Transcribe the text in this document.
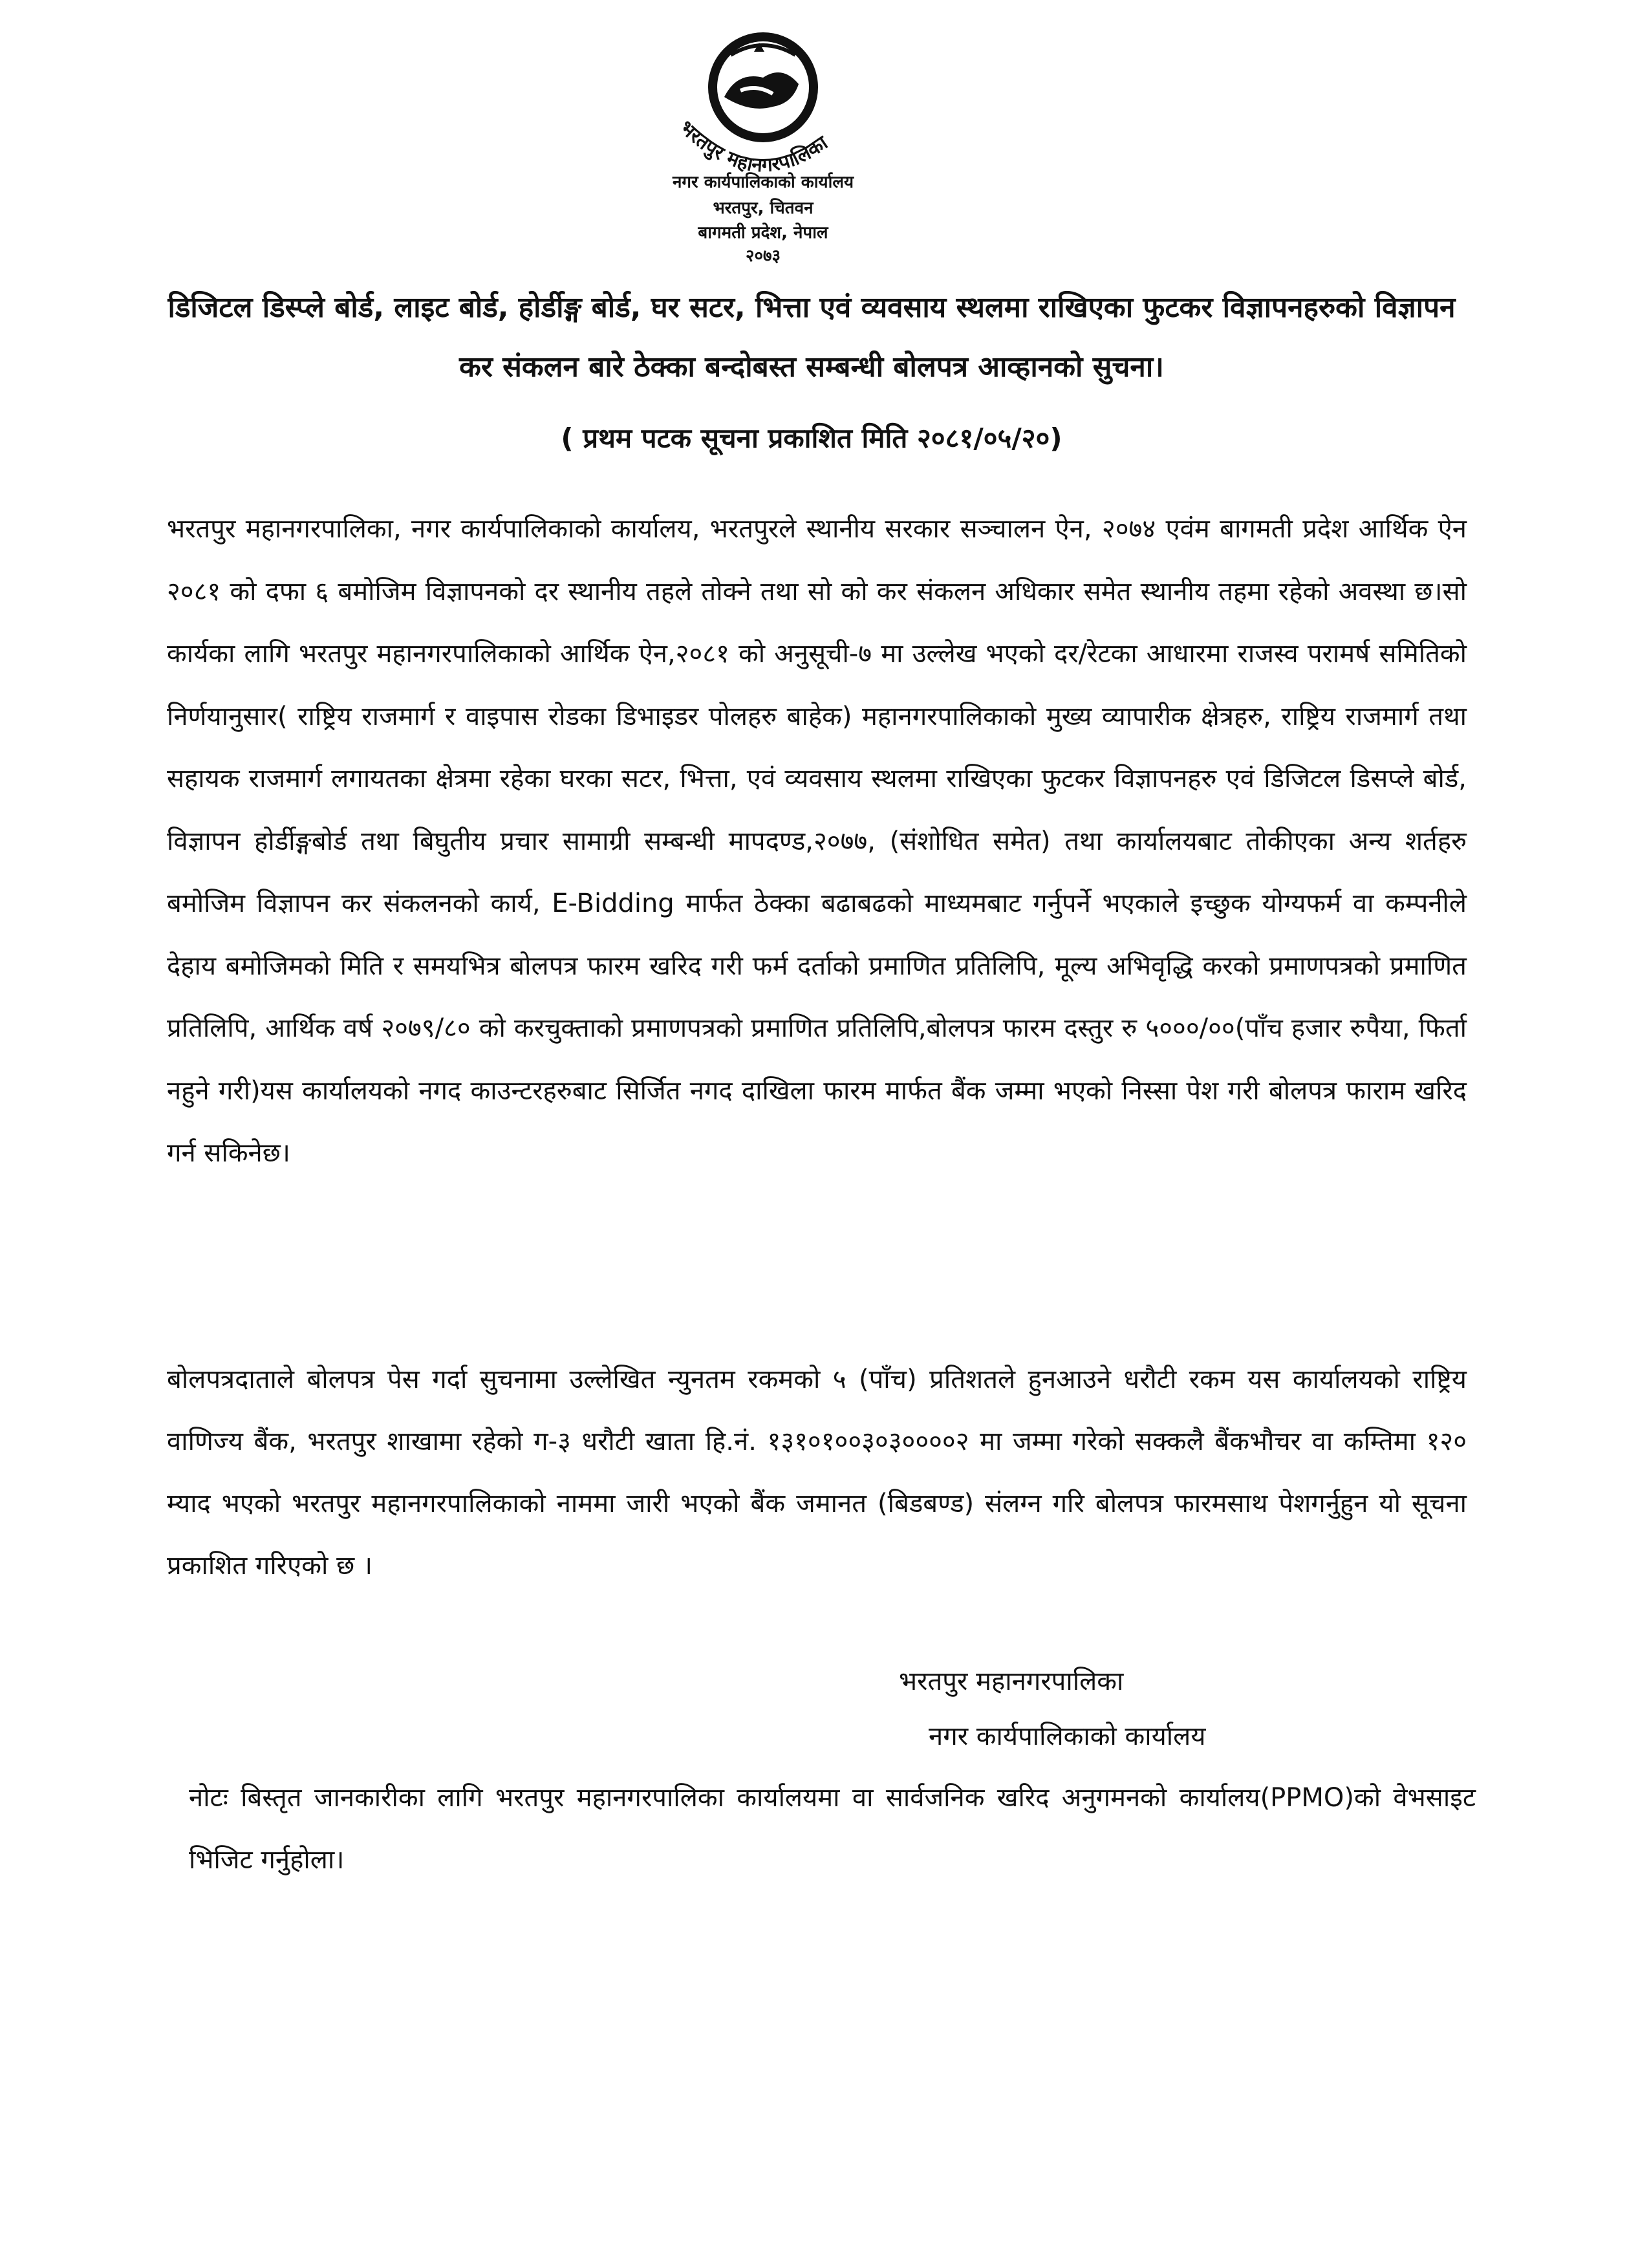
भरतपुर महानगरपालिका
नगर कार्यपालिकाको कार्यालय
भरतपुर, चितवन
बागमती प्रदेश, नेपाल
२०७३
डिजिटल डिस्प्ले बोर्ड, लाइट बोर्ड, होर्डीङ्ग बोर्ड, घर सटर, भित्ता एवं व्यवसाय स्थलमा राखिएका फुटकर विज्ञापनहरुको विज्ञापन कर संकलन बारे ठेक्का बन्दोबस्त सम्बन्धी बोलपत्र आव्हानको सुचना।
( प्रथम पटक सूचना प्रकाशित मिति २०८१/०५/२०)

भरतपुर महानगरपालिका, नगर कार्यपालिकाको कार्यालय, भरतपुरले स्थानीय सरकार सञ्चालन ऐन, २०७४ एवंम बागमती प्रदेश आर्थिक ऐन २०८१ को दफा ६ बमोजिम विज्ञापनको दर स्थानीय तहले तोक्ने तथा सो को कर संकलन अधिकार समेत स्थानीय तहमा रहेको अवस्था छ।सो कार्यका लागि भरतपुर महानगरपालिकाको आर्थिक ऐन,२०८१ को अनुसूची-७ मा उल्लेख भएको दर/रेटका आधारमा राजस्व परामर्ष समितिको निर्णयानुसार( राष्ट्रिय राजमार्ग र वाइपास रोडका डिभाइडर पोलहरु बाहेक) महानगरपालिकाको मुख्य व्यापारीक क्षेत्रहरु, राष्ट्रिय राजमार्ग तथा सहायक राजमार्ग लगायतका क्षेत्रमा रहेका घरका सटर, भित्ता, एवं व्यवसाय स्थलमा राखिएका फुटकर विज्ञापनहरु एवं डिजिटल डिसप्ले बोर्ड, विज्ञापन होर्डीङ्गबोर्ड तथा बिघुतीय प्रचार सामाग्री सम्बन्धी मापदण्ड,२०७७, (संशोधित समेत) तथा कार्यालयबाट तोकीएका अन्य शर्तहरु बमोजिम विज्ञापन कर संकलनको कार्य, E-Bidding मार्फत ठेक्का बढाबढको माध्यमबाट गर्नुपर्ने भएकाले इच्छुक योग्यफर्म वा कम्पनीले देहाय बमोजिमको मिति र समयभित्र बोलपत्र फारम खरिद गरी फर्म दर्ताको प्रमाणित प्रतिलिपि, मूल्य अभिवृद्धि करको प्रमाणपत्रको प्रमाणित प्रतिलिपि, आर्थिक वर्ष २०७९/८० को करचुक्ताको प्रमाणपत्रको प्रमाणित प्रतिलिपि,बोलपत्र फारम दस्तुर रु ५०००/००(पाँच हजार रुपैया, फिर्ता नहुने गरी)यस कार्यालयको नगद काउन्टरहरुबाट सिर्जित नगद दाखिला फारम मार्फत बैंक जम्मा भएको निस्सा पेश गरी बोलपत्र फाराम खरिद गर्न सकिनेछ।

बोलपत्रदाताले बोलपत्र पेस गर्दा सुचनामा उल्लेखित न्युनतम रकमको ५ (पाँच) प्रतिशतले हुनआउने धरौटी रकम यस कार्यालयको राष्ट्रिय वाणिज्य बैंक, भरतपुर शाखामा रहेको ग-३ धरौटी खाता हि.नं. १३१०१००३०३००००२ मा जम्मा गरेको सक्कलै बैंकभौचर वा कम्तिमा १२० म्याद भएको भरतपुर महानगरपालिकाको नाममा जारी भएको बैंक जमानत (बिडबण्ड) संलग्न गरि बोलपत्र फारमसाथ पेशगर्नुहुन यो सूचना प्रकाशित गरिएको छ ।

भरतपुर महानगरपालिका
नगर कार्यपालिकाको कार्यालय

नोटः बिस्तृत जानकारीका लागि भरतपुर महानगरपालिका कार्यालयमा वा सार्वजनिक खरिद अनुगमनको कार्यालय(PPMO)को वेभसाइट भिजिट गर्नुहोला।
